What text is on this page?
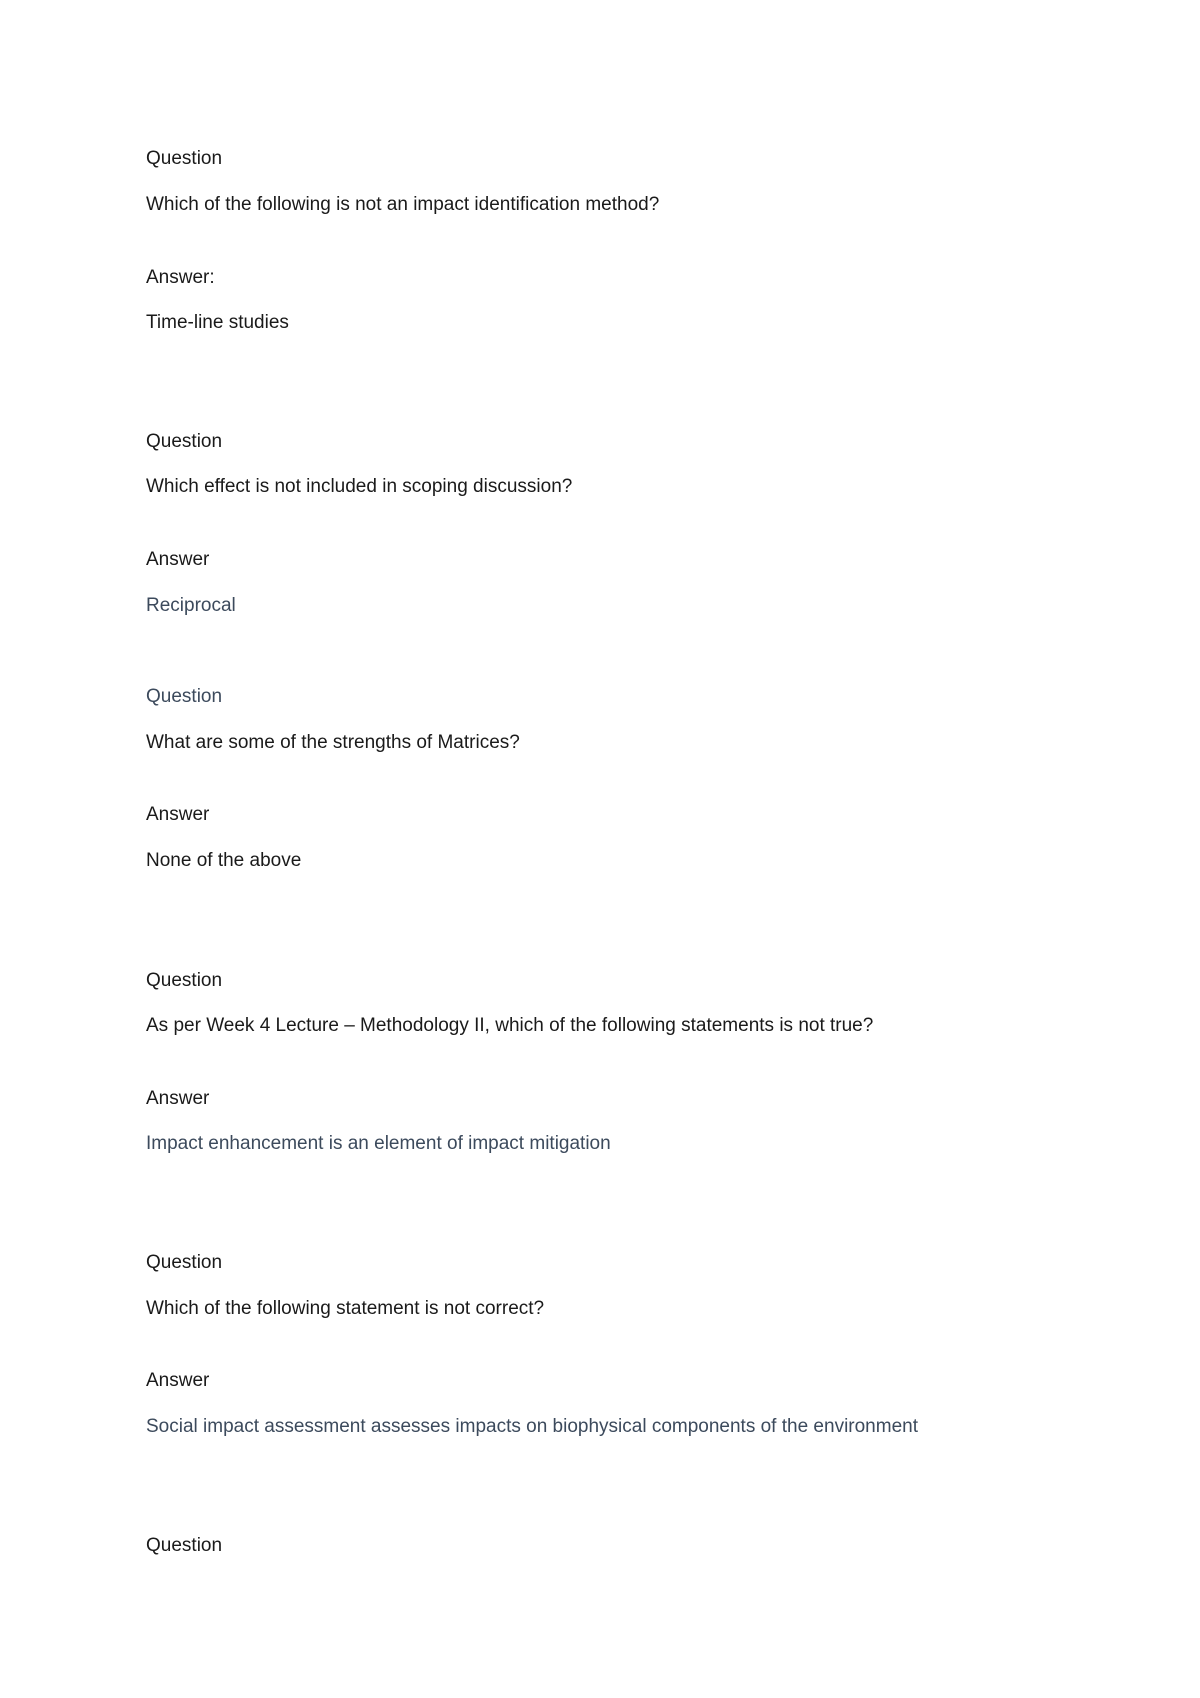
Question
Which of the following is not an impact identification method?
Answer:
Time-line studies
Question
Which effect is not included in scoping discussion?
Answer
Reciprocal
Question
What are some of the strengths of Matrices?
Answer
None of the above
Question
As per Week 4 Lecture – Methodology II, which of the following statements is not true?
Answer
Impact enhancement is an element of impact mitigation
Question
Which of the following statement is not correct?
Answer
Social impact assessment assesses impacts on biophysical components of the environment
Question
